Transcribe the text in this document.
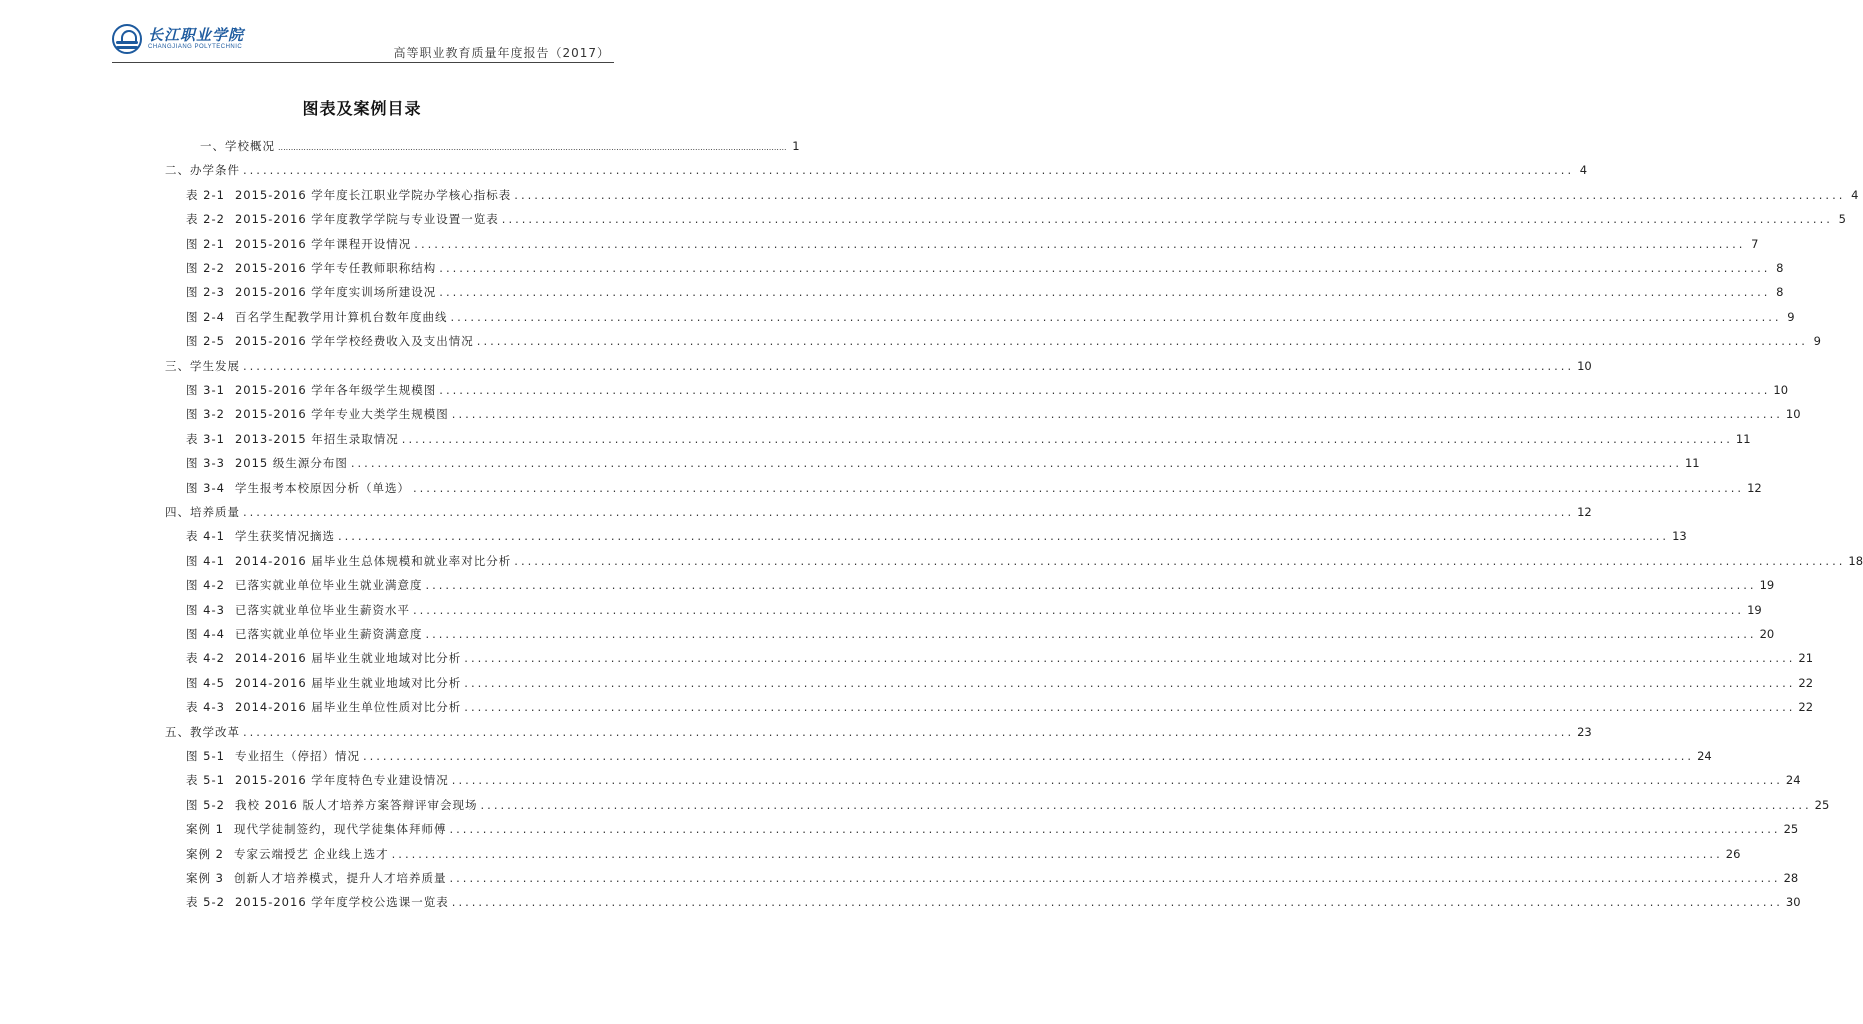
长江职业学院
CHANGJIANG POLYTECHNIC	高等职业教育质量年度报告（2017）
图表及案例目录
一、学校概况 ........................................................................................................................................................................................................ 1
二、办学条件 ........................................................................................................................................................................................................ 4
表 2-1 2015-2016 学年度长江职业学院办学核心指标表 ........................................................................................................................................................................................................ 4
表 2-2 2015-2016 学年度教学学院与专业设置一览表 ........................................................................................................................................................................................................ 5
图 2-1 2015-2016 学年课程开设情况 ........................................................................................................................................................................................................ 7
图 2-2 2015-2016 学年专任教师职称结构 ........................................................................................................................................................................................................ 8
图 2-3 2015-2016 学年度实训场所建设况 ........................................................................................................................................................................................................ 8
图 2-4 百名学生配教学用计算机台数年度曲线 ........................................................................................................................................................................................................ 9
图 2-5 2015-2016 学年学校经费收入及支出情况 ........................................................................................................................................................................................................ 9
三、学生发展 ........................................................................................................................................................................................................ 10
图 3-1 2015-2016 学年各年级学生规模图 ........................................................................................................................................................................................................ 10
图 3-2 2015-2016 学年专业大类学生规模图 ........................................................................................................................................................................................................ 10
表 3-1 2013-2015 年招生录取情况 ........................................................................................................................................................................................................ 11
图 3-3 2015 级生源分布图 ........................................................................................................................................................................................................ 11
图 3-4 学生报考本校原因分析（单选） ........................................................................................................................................................................................................ 12
四、培养质量 ........................................................................................................................................................................................................ 12
表 4-1 学生获奖情况摘选 ........................................................................................................................................................................................................ 13
图 4-1 2014-2016 届毕业生总体规模和就业率对比分析 ........................................................................................................................................................................................................ 18
图 4-2 已落实就业单位毕业生就业满意度 ........................................................................................................................................................................................................ 19
图 4-3 已落实就业单位毕业生薪资水平 ........................................................................................................................................................................................................ 19
图 4-4 已落实就业单位毕业生薪资满意度 ........................................................................................................................................................................................................ 20
表 4-2 2014-2016 届毕业生就业地域对比分析 ........................................................................................................................................................................................................ 21
图 4-5 2014-2016 届毕业生就业地域对比分析 ........................................................................................................................................................................................................ 22
表 4-3 2014-2016 届毕业生单位性质对比分析 ........................................................................................................................................................................................................ 22
五、教学改革 ........................................................................................................................................................................................................ 23
图 5-1 专业招生（停招）情况 ........................................................................................................................................................................................................ 24
表 5-1 2015-2016 学年度特色专业建设情况 ........................................................................................................................................................................................................ 24
图 5-2 我校 2016 版人才培养方案答辩评审会现场 ........................................................................................................................................................................................................ 25
案例 1 现代学徒制签约，现代学徒集体拜师傅 ........................................................................................................................................................................................................ 25
案例 2 专家云端授艺 企业线上选才 ........................................................................................................................................................................................................ 26
案例 3 创新人才培养模式，提升人才培养质量 ........................................................................................................................................................................................................ 28
表 5-2 2015-2016 学年度学校公选课一览表 ........................................................................................................................................................................................................ 30
